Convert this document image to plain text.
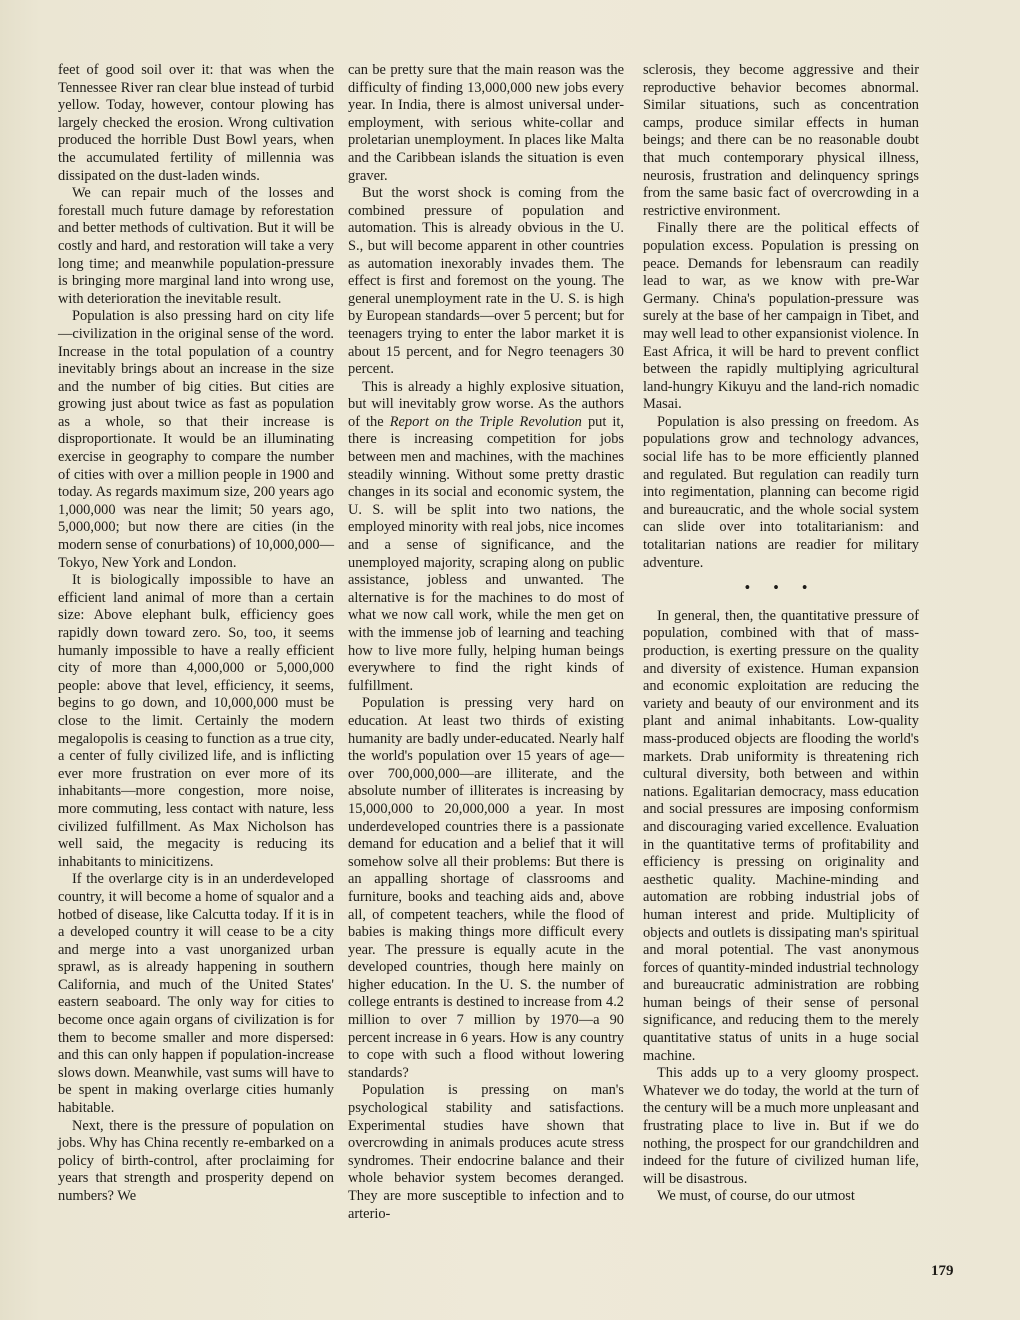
feet of good soil over it: that was when the Tennessee River ran clear blue instead of turbid yellow. Today, however, contour plowing has largely checked the erosion. Wrong cultivation produced the horrible Dust Bowl years, when the accumulated fertility of millennia was dissipated on the dust-laden winds.

We can repair much of the losses and forestall much future damage by reforestation and better methods of cultivation. But it will be costly and hard, and restoration will take a very long time; and meanwhile population-pressure is bringing more marginal land into wrong use, with deterioration the inevitable result.

Population is also pressing hard on city life—civilization in the original sense of the word. Increase in the total population of a country inevitably brings about an increase in the size and the number of big cities. But cities are growing just about twice as fast as population as a whole, so that their increase is disproportionate. It would be an illuminating exercise in geography to compare the number of cities with over a million people in 1900 and today. As regards maximum size, 200 years ago 1,000,000 was near the limit; 50 years ago, 5,000,000; but now there are cities (in the modern sense of conurbations) of 10,000,000—Tokyo, New York and London.

It is biologically impossible to have an efficient land animal of more than a certain size: Above elephant bulk, efficiency goes rapidly down toward zero. So, too, it seems humanly impossible to have a really efficient city of more than 4,000,000 or 5,000,000 people: above that level, efficiency, it seems, begins to go down, and 10,000,000 must be close to the limit. Certainly the modern megalopolis is ceasing to function as a true city, a center of fully civilized life, and is inflicting ever more frustration on ever more of its inhabitants—more congestion, more noise, more commuting, less contact with nature, less civilized fulfillment. As Max Nicholson has well said, the megacity is reducing its inhabitants to minicitizens.

If the overlarge city is in an underdeveloped country, it will become a home of squalor and a hotbed of disease, like Calcutta today. If it is in a developed country it will cease to be a city and merge into a vast unorganized urban sprawl, as is already happening in southern California, and much of the United States' eastern seaboard. The only way for cities to become once again organs of civilization is for them to become smaller and more dispersed: and this can only happen if population-increase slows down. Meanwhile, vast sums will have to be spent in making overlarge cities humanly habitable.

Next, there is the pressure of population on jobs. Why has China recently re-embarked on a policy of birth-control, after proclaiming for years that strength and prosperity depend on numbers? We

can be pretty sure that the main reason was the difficulty of finding 13,000,000 new jobs every year. In India, there is almost universal under-employment, with serious white-collar and proletarian unemployment. In places like Malta and the Caribbean islands the situation is even graver.

But the worst shock is coming from the combined pressure of population and automation. This is already obvious in the U. S., but will become apparent in other countries as automation inexorably invades them. The effect is first and foremost on the young. The general unemployment rate in the U. S. is high by European standards—over 5 percent; but for teenagers trying to enter the labor market it is about 15 percent, and for Negro teenagers 30 percent.

This is already a highly explosive situation, but will inevitably grow worse. As the authors of the Report on the Triple Revolution put it, there is increasing competition for jobs between men and machines, with the machines steadily winning. Without some pretty drastic changes in its social and economic system, the U. S. will be split into two nations, the employed minority with real jobs, nice incomes and a sense of significance, and the unemployed majority, scraping along on public assistance, jobless and unwanted. The alternative is for the machines to do most of what we now call work, while the men get on with the immense job of learning and teaching how to live more fully, helping human beings everywhere to find the right kinds of fulfillment.

Population is pressing very hard on education. At least two thirds of existing humanity are badly under-educated. Nearly half the world's population over 15 years of age—over 700,000,000—are illiterate, and the absolute number of illiterates is increasing by 15,000,000 to 20,000,000 a year. In most underdeveloped countries there is a passionate demand for education and a belief that it will somehow solve all their problems: But there is an appalling shortage of classrooms and furniture, books and teaching aids and, above all, of competent teachers, while the flood of babies is making things more difficult every year. The pressure is equally acute in the developed countries, though here mainly on higher education. In the U. S. the number of college entrants is destined to increase from 4.2 million to over 7 million by 1970—a 90 percent increase in 6 years. How is any country to cope with such a flood without lowering standards?

Population is pressing on man's psychological stability and satisfactions. Experimental studies have shown that overcrowding in animals produces acute stress syndromes. Their endocrine balance and their whole behavior system becomes deranged. They are more susceptible to infection and to arterio-

sclerosis, they become aggressive and their reproductive behavior becomes abnormal. Similar situations, such as concentration camps, produce similar effects in human beings; and there can be no reasonable doubt that much contemporary physical illness, neurosis, frustration and delinquency springs from the same basic fact of overcrowding in a restrictive environment.

Finally there are the political effects of population excess. Population is pressing on peace. Demands for lebensraum can readily lead to war, as we know with pre-War Germany. China's population-pressure was surely at the base of her campaign in Tibet, and may well lead to other expansionist violence. In East Africa, it will be hard to prevent conflict between the rapidly multiplying agricultural land-hungry Kikuyu and the land-rich nomadic Masai.

Population is also pressing on freedom. As populations grow and technology advances, social life has to be more efficiently planned and regulated. But regulation can readily turn into regimentation, planning can become rigid and bureaucratic, and the whole social system can slide over into totalitarianism: and totalitarian nations are readier for military adventure.

• • •

In general, then, the quantitative pressure of population, combined with that of mass-production, is exerting pressure on the quality and diversity of existence. Human expansion and economic exploitation are reducing the variety and beauty of our environment and its plant and animal inhabitants. Low-quality mass-produced objects are flooding the world's markets. Drab uniformity is threatening rich cultural diversity, both between and within nations. Egalitarian democracy, mass education and social pressures are imposing conformism and discouraging varied excellence. Evaluation in the quantitative terms of profitability and efficiency is pressing on originality and aesthetic quality. Machine-minding and automation are robbing industrial jobs of human interest and pride. Multiplicity of objects and outlets is dissipating man's spiritual and moral potential. The vast anonymous forces of quantity-minded industrial technology and bureaucratic administration are robbing human beings of their sense of personal significance, and reducing them to the merely quantitative status of units in a huge social machine.

This adds up to a very gloomy prospect. Whatever we do today, the world at the turn of the century will be a much more unpleasant and frustrating place to live in. But if we do nothing, the prospect for our grandchildren and indeed for the future of civilized human life, will be disastrous.

We must, of course, do our utmost

179
